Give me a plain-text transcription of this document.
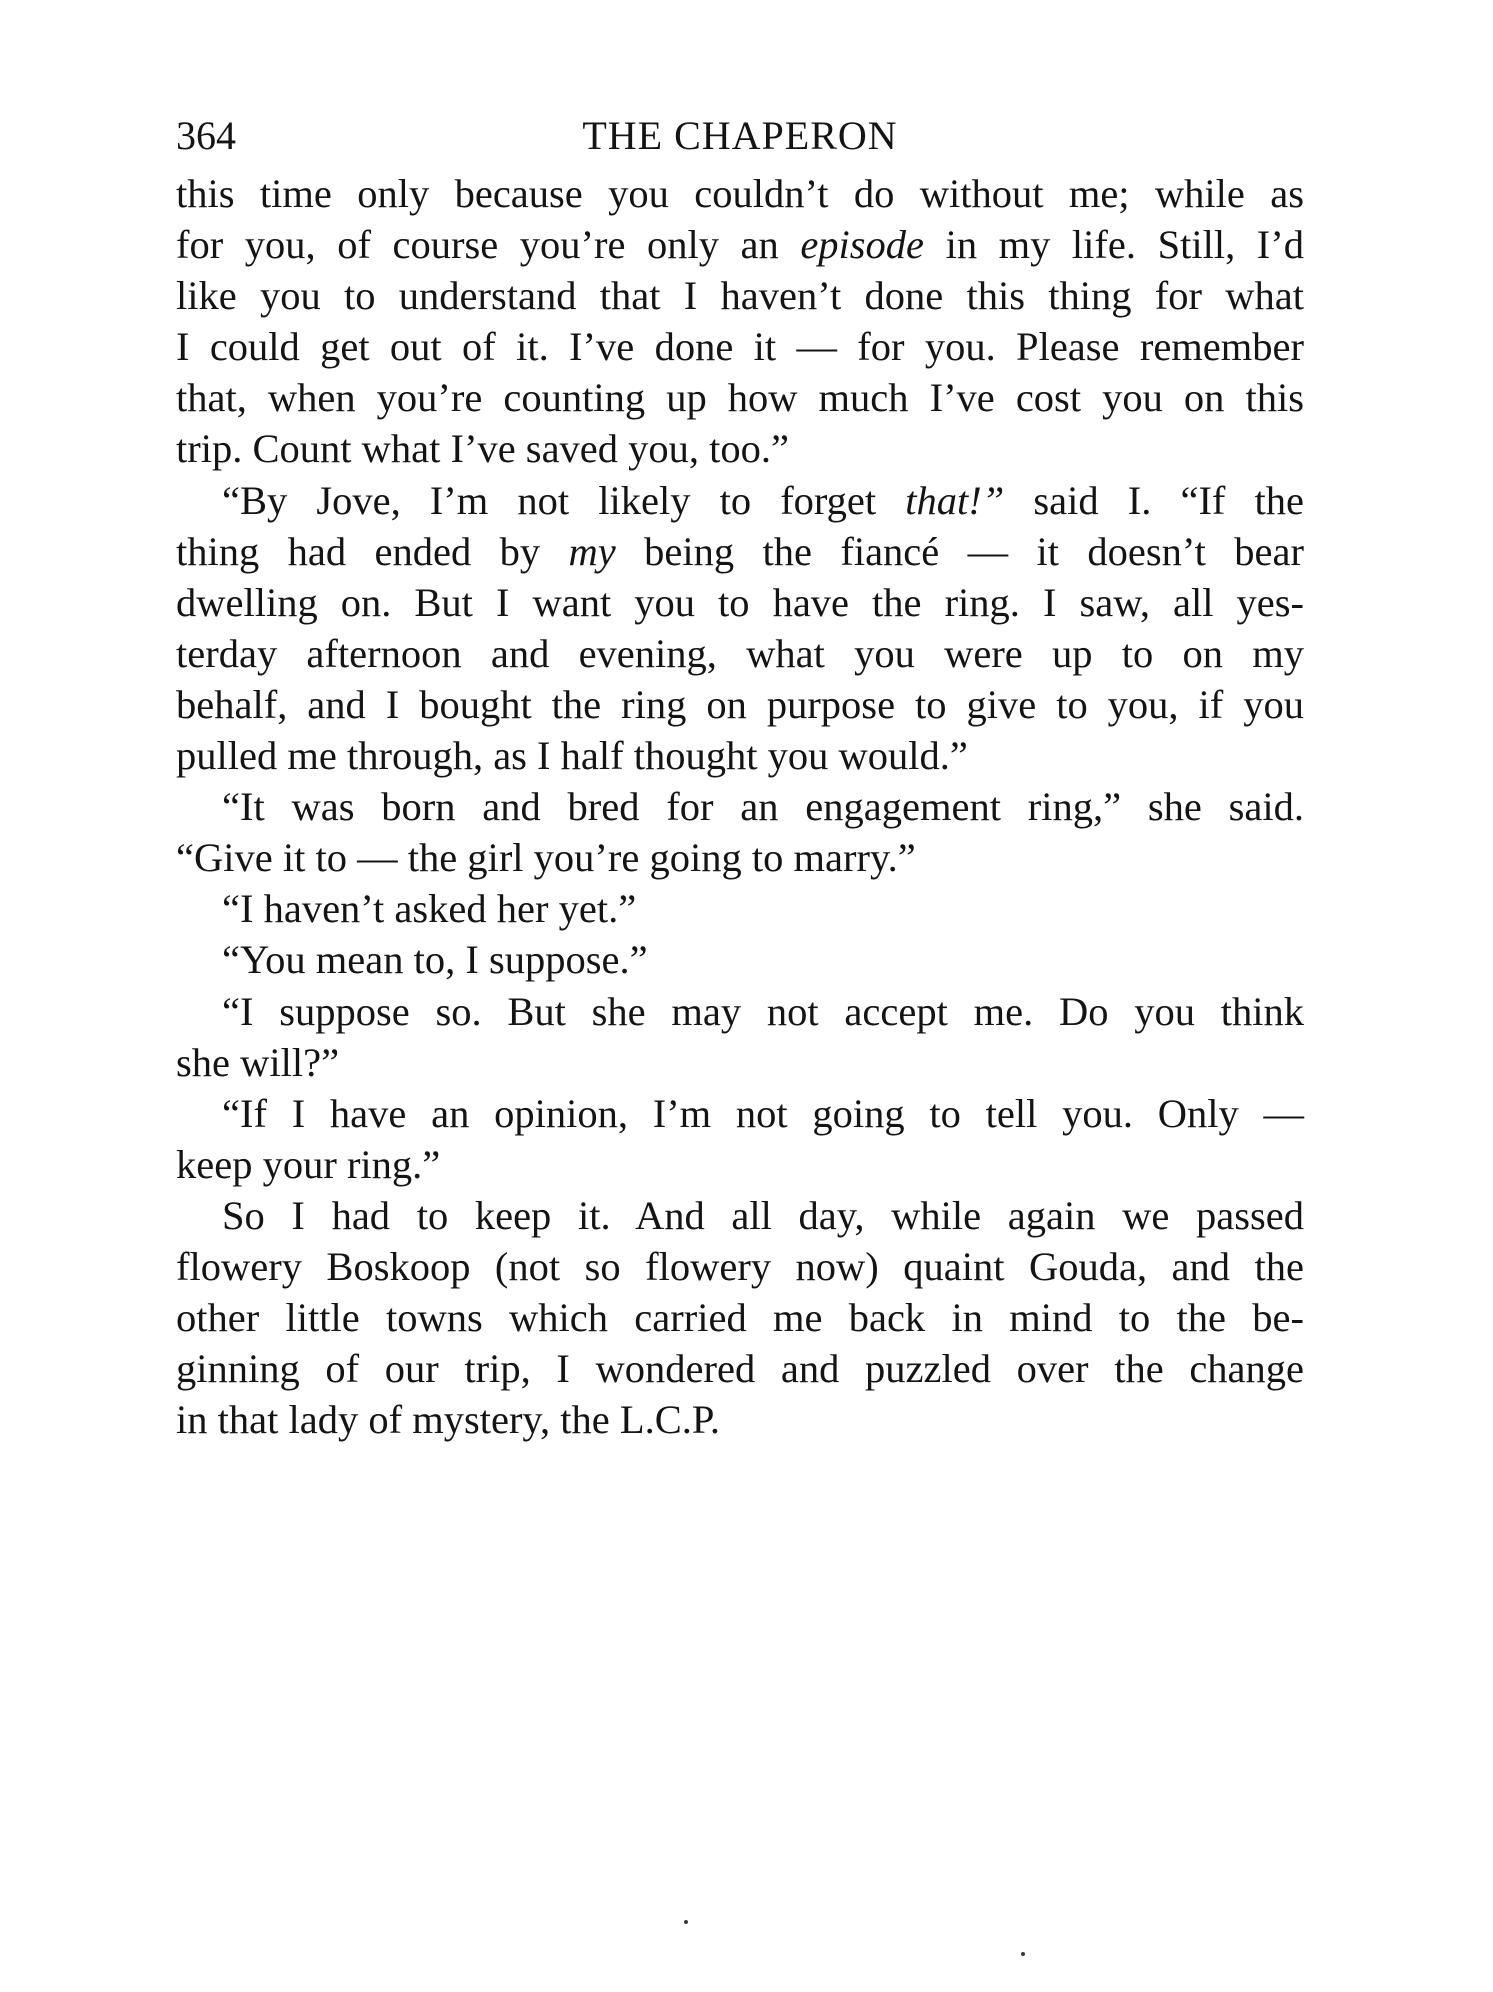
364	THE CHAPERON
this time only because you couldn’t do without me; while as
for you, of course you’re only an episode in my life. Still, I’d
like you to understand that I haven’t done this thing for what
I could get out of it. I’ve done it — for you. Please remember
that, when you’re counting up how much I’ve cost you on this
trip. Count what I’ve saved you, too.”
“By Jove, I’m not likely to forget that!” said I. “If the
thing had ended by my being the fiancé — it doesn’t bear
dwelling on. But I want you to have the ring. I saw, all yes-
terday afternoon and evening, what you were up to on my
behalf, and I bought the ring on purpose to give to you, if you
pulled me through, as I half thought you would.”
“It was born and bred for an engagement ring,” she said.
“Give it to — the girl you’re going to marry.”
“I haven’t asked her yet.”
“You mean to, I suppose.”
“I suppose so. But she may not accept me. Do you think
she will?”
“If I have an opinion, I’m not going to tell you. Only —
keep your ring.”
So I had to keep it. And all day, while again we passed
flowery Boskoop (not so flowery now) quaint Gouda, and the
other little towns which carried me back in mind to the be-
ginning of our trip, I wondered and puzzled over the change
in that lady of mystery, the L.C.P.
